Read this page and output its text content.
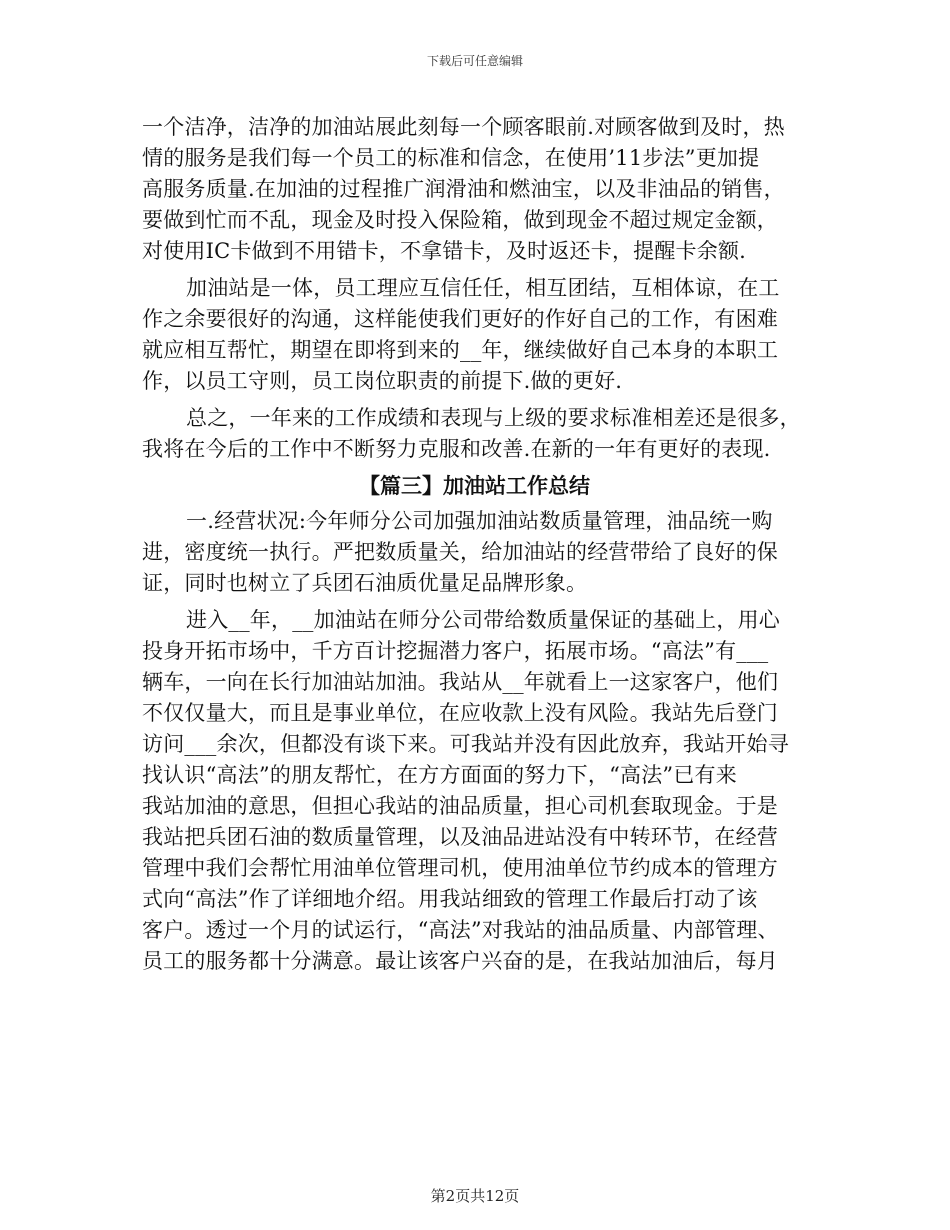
下载后可任意编辑
一个洁净，洁净的加油站展此刻每一个顾客眼前.对顾客做到及时，热
情的服务是我们每一个员工的标准和信念，在使用’11步法”更加提
高服务质量.在加油的过程推广润滑油和燃油宝，以及非油品的销售，
要做到忙而不乱，现金及时投入保险箱，做到现金不超过规定金额，
对使用IC卡做到不用错卡，不拿错卡，及时返还卡，提醒卡余额.
加油站是一体，员工理应互信任任，相互团结，互相体谅，在工
作之余要很好的沟通，这样能使我们更好的作好自己的工作，有困难
就应相互帮忙，期望在即将到来的__年，继续做好自己本身的本职工
作，以员工守则，员工岗位职责的前提下.做的更好.
总之，一年来的工作成绩和表现与上级的要求标准相差还是很多，
我将在今后的工作中不断努力克服和改善.在新的一年有更好的表现.
【篇三】加油站工作总结
一.经营状况:今年师分公司加强加油站数质量管理，油品统一购
进，密度统一执行。严把数质量关，给加油站的经营带给了良好的保
证，同时也树立了兵团石油质优量足品牌形象。
进入__年，__加油站在师分公司带给数质量保证的基础上，用心
投身开拓市场中，千方百计挖掘潜力客户，拓展市场。“高法”有___
辆车，一向在长行加油站加油。我站从__年就看上一这家客户，他们
不仅仅量大，而且是事业单位，在应收款上没有风险。我站先后登门
访问___余次，但都没有谈下来。可我站并没有因此放弃，我站开始寻
找认识“高法”的朋友帮忙，在方方面面的努力下，“高法”已有来
我站加油的意思，但担心我站的油品质量，担心司机套取现金。于是
我站把兵团石油的数质量管理，以及油品进站没有中转环节，在经营
管理中我们会帮忙用油单位管理司机，使用油单位节约成本的管理方
式向“高法”作了详细地介绍。用我站细致的管理工作最后打动了该
客户。透过一个月的试运行，“高法”对我站的油品质量、内部管理、
员工的服务都十分满意。最让该客户兴奋的是，在我站加油后，每月
第2页共12页
